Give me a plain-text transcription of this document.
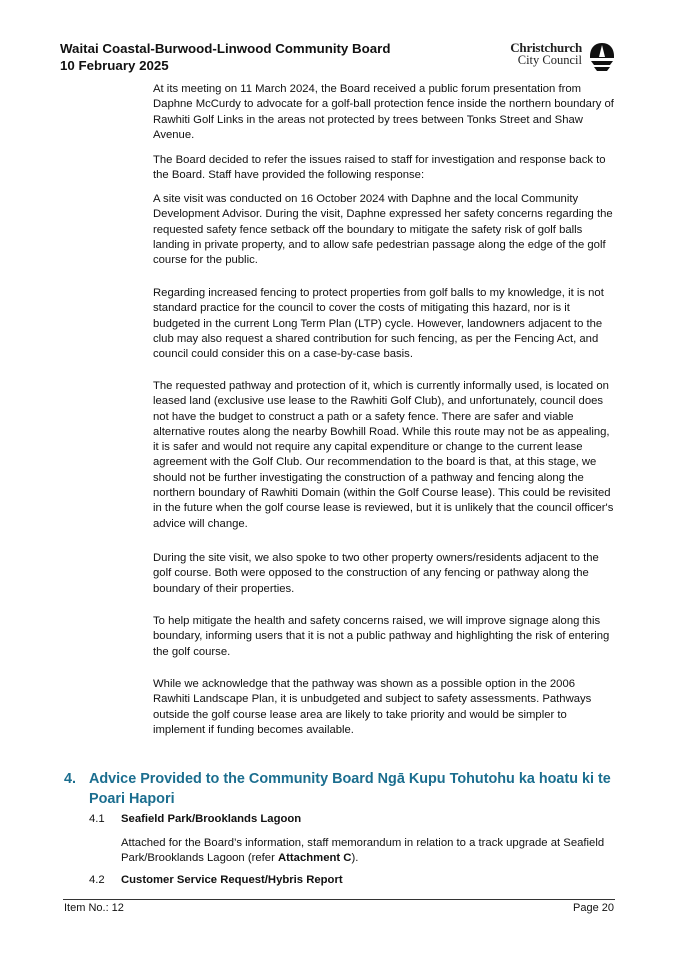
Waitai Coastal-Burwood-Linwood Community Board
10 February 2025
Christchurch
City Council
At its meeting on 11 March 2024, the Board received a public forum presentation from Daphne McCurdy to advocate for a golf-ball protection fence inside the northern boundary of Rawhiti Golf Links in the areas not protected by trees between Tonks Street and Shaw Avenue.
The Board decided to refer the issues raised to staff for investigation and response back to the Board. Staff have provided the following response:
A site visit was conducted on 16 October 2024 with Daphne and the local Community Development Advisor. During the visit, Daphne expressed her safety concerns regarding the requested safety fence setback off the boundary to mitigate the safety risk of golf balls landing in private property, and to allow safe pedestrian passage along the edge of the golf course for the public.
Regarding increased fencing to protect properties from golf balls to my knowledge, it is not standard practice for the council to cover the costs of mitigating this hazard, nor is it budgeted in the current Long Term Plan (LTP) cycle. However, landowners adjacent to the club may also request a shared contribution for such fencing, as per the Fencing Act, and council could consider this on a case-by-case basis.
The requested pathway and protection of it, which is currently informally used, is located on leased land (exclusive use lease to the Rawhiti Golf Club), and unfortunately, council does not have the budget to construct a path or a safety fence. There are safer and viable alternative routes along the nearby Bowhill Road. While this route may not be as appealing, it is safer and would not require any capital expenditure or change to the current lease agreement with the Golf Club. Our recommendation to the board is that, at this stage, we should not be further investigating the construction of a pathway and fencing along the northern boundary of Rawhiti Domain (within the Golf Course lease). This could be revisited in the future when the golf course lease is reviewed, but it is unlikely that the council officer's advice will change.
During the site visit, we also spoke to two other property owners/residents adjacent to the golf course. Both were opposed to the construction of any fencing or pathway along the boundary of their properties.
To help mitigate the health and safety concerns raised, we will improve signage along this boundary, informing users that it is not a public pathway and highlighting the risk of entering the golf course.
While we acknowledge that the pathway was shown as a possible option in the 2006 Rawhiti Landscape Plan, it is unbudgeted and subject to safety assessments. Pathways outside the golf course lease area are likely to take priority and would be simpler to implement if funding becomes available.
4. Advice Provided to the Community Board Ngā Kupu Tohutohu ka hoatu ki te Poari Hapori
4.1 Seafield Park/Brooklands Lagoon
Attached for the Board’s information, staff memorandum in relation to a track upgrade at Seafield Park/Brooklands Lagoon (refer Attachment C).
4.2 Customer Service Request/Hybris Report
Item No.: 12	Page 20
